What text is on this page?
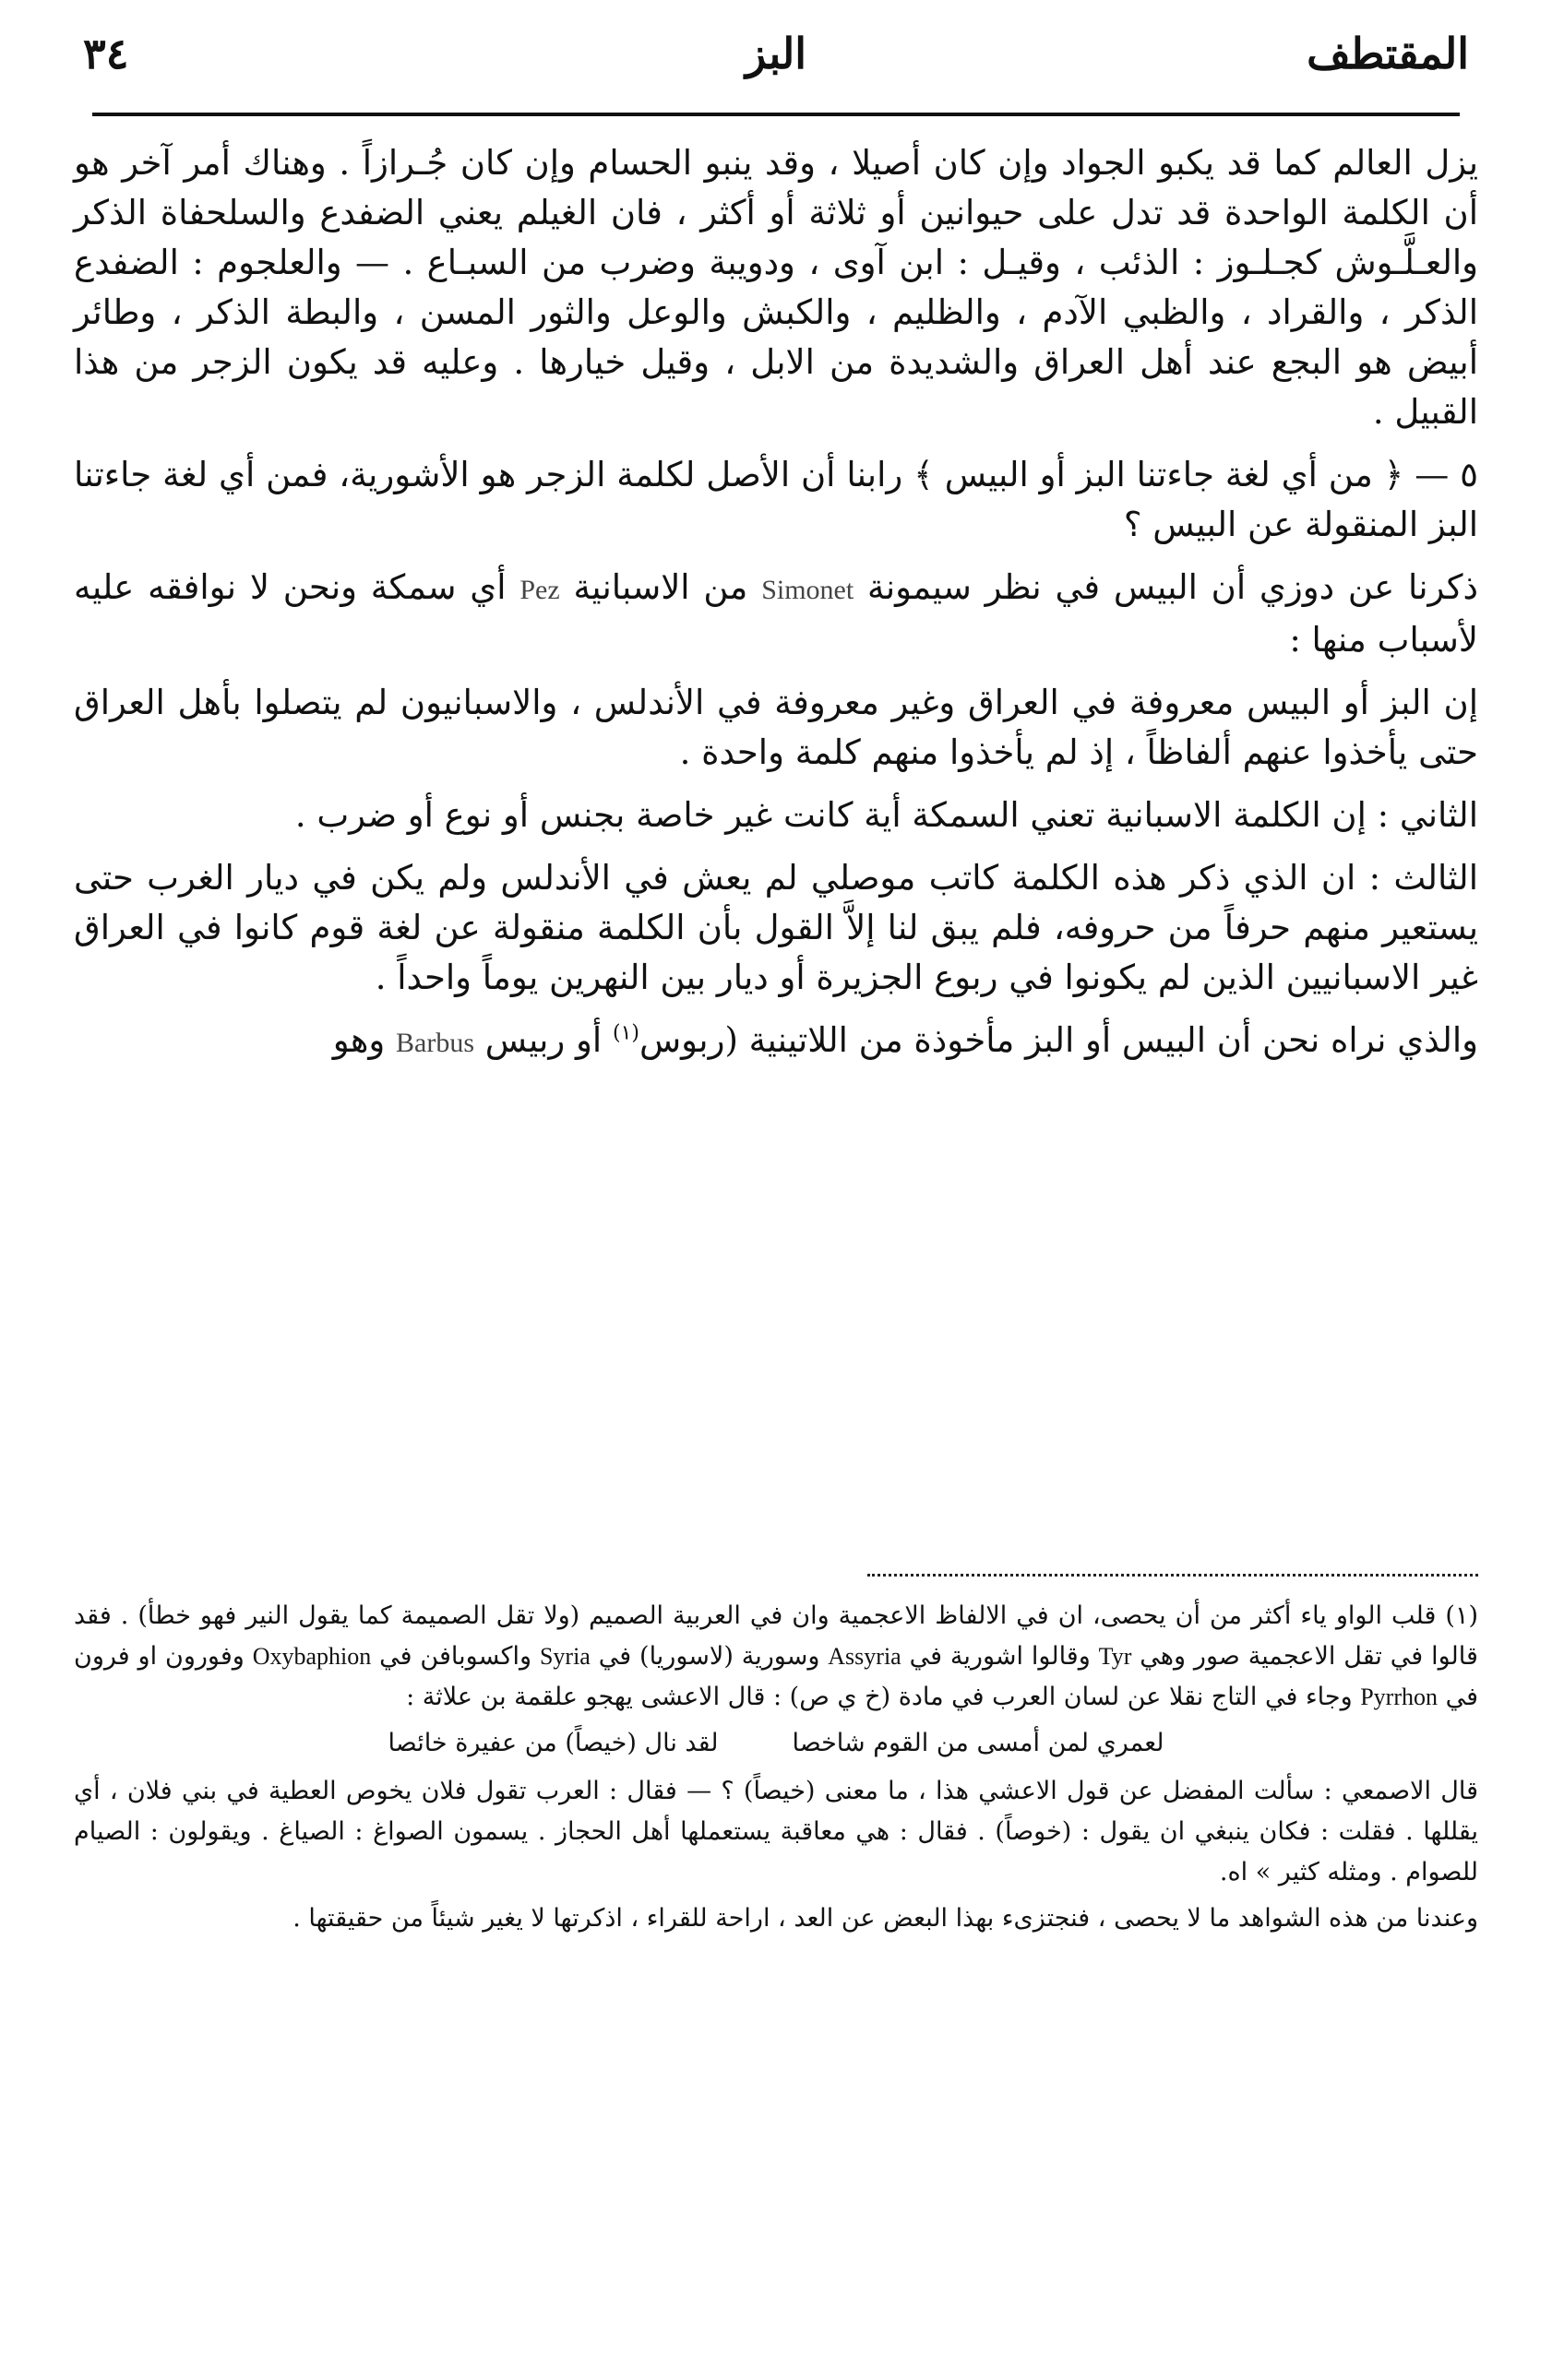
المقتطف
البز
٣٤

يزل العالم كما قد يكبو الجواد وإن كان أصيلا ، وقد ينبو الحسام وإن كان جُـرازاً . وهناك أمر آخر هو أن الكلمة الواحدة قد تدل على حيوانين أو ثلاثة أو أكثر ، فان الغيلم يعني الضفدع والسلحفاة الذكر والعـلَّـوش كجـلـوز : الذئب ، وقيـل : ابن آوى ، ودويبة وضرب من السبـاع . — والعلجوم : الضفدع الذكر ، والقراد ، والظبي الآدم ، والظليم ، والكبش والوعل والثور المسن ، والبطة الذكر ، وطائر أبيض هو البجع عند أهل العراق والشديدة من الابل ، وقيل خيارها . وعليه قد يكون الزجر من هذا القبيل .

٥ — ﴿ من أي لغة جاءتنا البز أو البيس ﴾ رابنا أن الأصل لكلمة الزجر هو الأشورية، فمن أي لغة جاءتنا البز المنقولة عن البيس ؟

ذكرنا عن دوزي أن البيس في نظر سيمونة Simonet من الاسبانية Pez أي سمكة ونحن لا نوافقه عليه لأسباب منها :

إن البز أو البيس معروفة في العراق وغير معروفة في الأندلس ، والاسبانيون لم يتصلوا بأهل العراق حتى يأخذوا عنهم ألفاظاً ، إذ لم يأخذوا منهم كلمة واحدة .

الثاني : إن الكلمة الاسبانية تعني السمكة أية كانت غير خاصة بجنس أو نوع أو ضرب .

الثالث : ان الذي ذكر هذه الكلمة كاتب موصلي لم يعش في الأندلس ولم يكن في ديار الغرب حتى يستعير منهم حرفاً من حروفه، فلم يبق لنا إلاَّ القول بأن الكلمة منقولة عن لغة قوم كانوا في العراق غير الاسبانيين الذين لم يكونوا في ربوع الجزيرة أو ديار بين النهرين يوماً واحداً .

والذي نراه نحن أن البيس أو البز مأخوذة من اللاتينية (ربوس$^{(١)}$ أو ربيس Barbus وهو

(١) قلب الواو ياء أكثر من أن يحصى، ان في الالفاظ الاعجمية وان في العربية الصميم (ولا تقل الصميمة كما يقول النير فهو خطأ) . فقد قالوا في تقل الاعجمية صور وهي Tyr وقالوا اشورية في Assyria وسورية (لاسوريا) في Syria واكسوبافن في Oxybaphion وفورون او فرون في Pyrrhon وجاء في التاج نقلا عن لسان العرب في مادة (خ ي ص) : قال الاعشى يهجو علقمة بن علاثة :

لعمري لمن أمسى من القوم شاخصا
لقد نال (خيصاً) من عفيرة خائصا

قال الاصمعي : سألت المفضل عن قول الاعشي هذا ، ما معنى (خيصاً) ؟ — فقال : العرب تقول فلان يخوص العطية في بني فلان ، أي يقللها . فقلت : فكان ينبغي ان يقول : (خوصاً) . فقال : هي معاقبة يستعملها أهل الحجاز . يسمون الصواغ : الصياغ . ويقولون : الصيام للصوام . ومثله كثير » اه.

وعندنا من هذه الشواهد ما لا يحصى ، فنجتزىء بهذا البعض عن العد ، اراحة للقراء ، اذكرتها لا يغير شيئاً من حقيقتها .
